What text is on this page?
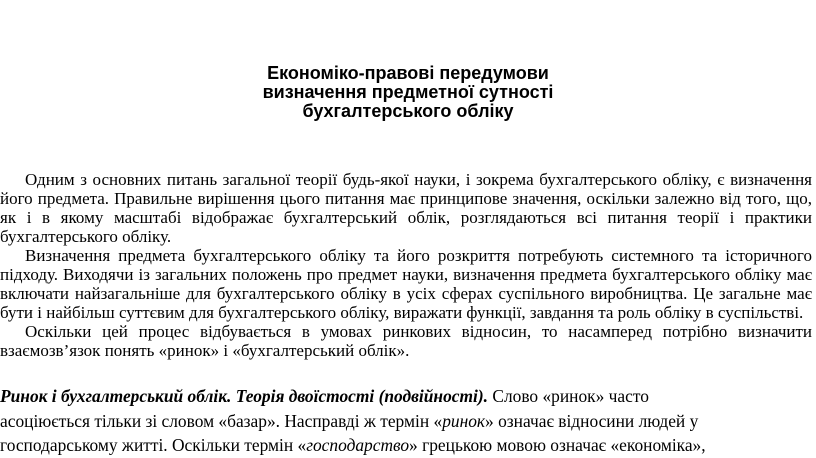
Економіко-правові передумови
визначення предметної сутності
бухгалтерського обліку

Одним з основних питань загальної теорії будь-якої науки, і зокрема бухгалтерського обліку, є визначення його предмета. Правильне вирішення цього питання має принципове значення, оскільки залежно від того, що, як і в якому масштабі відображає бухгалтерський облік, розглядаються всі питання теорії і практики бухгалтерського обліку.

Визначення предмета бухгалтерського обліку та його розкриття потребують системного та історичного підходу. Виходячи із загальних положень про предмет науки, визначення предмета бухгалтерського обліку має включати найзагальніше для бухгалтерського обліку в усіх сферах суспільного виробництва. Це загальне має бути і найбільш суттєвим для бухгалтерського обліку, виражати функції, завдання та роль обліку в суспільстві.

Оскільки цей процес відбувається в умовах ринкових відносин, то насамперед потрібно визначити взаємозв’язок понять «ринок» і «бухгалтерський облік».

Ринок і бухгалтерський облік. Теорія двоїстості (подвійності). Слово «ринок» часто
асоціюється тільки зі словом «базар». Насправді ж термін «ринок» означає відносини людей у
господарському житті. Оскільки термін «господарство» грецькою мовою означає «економіка»,
